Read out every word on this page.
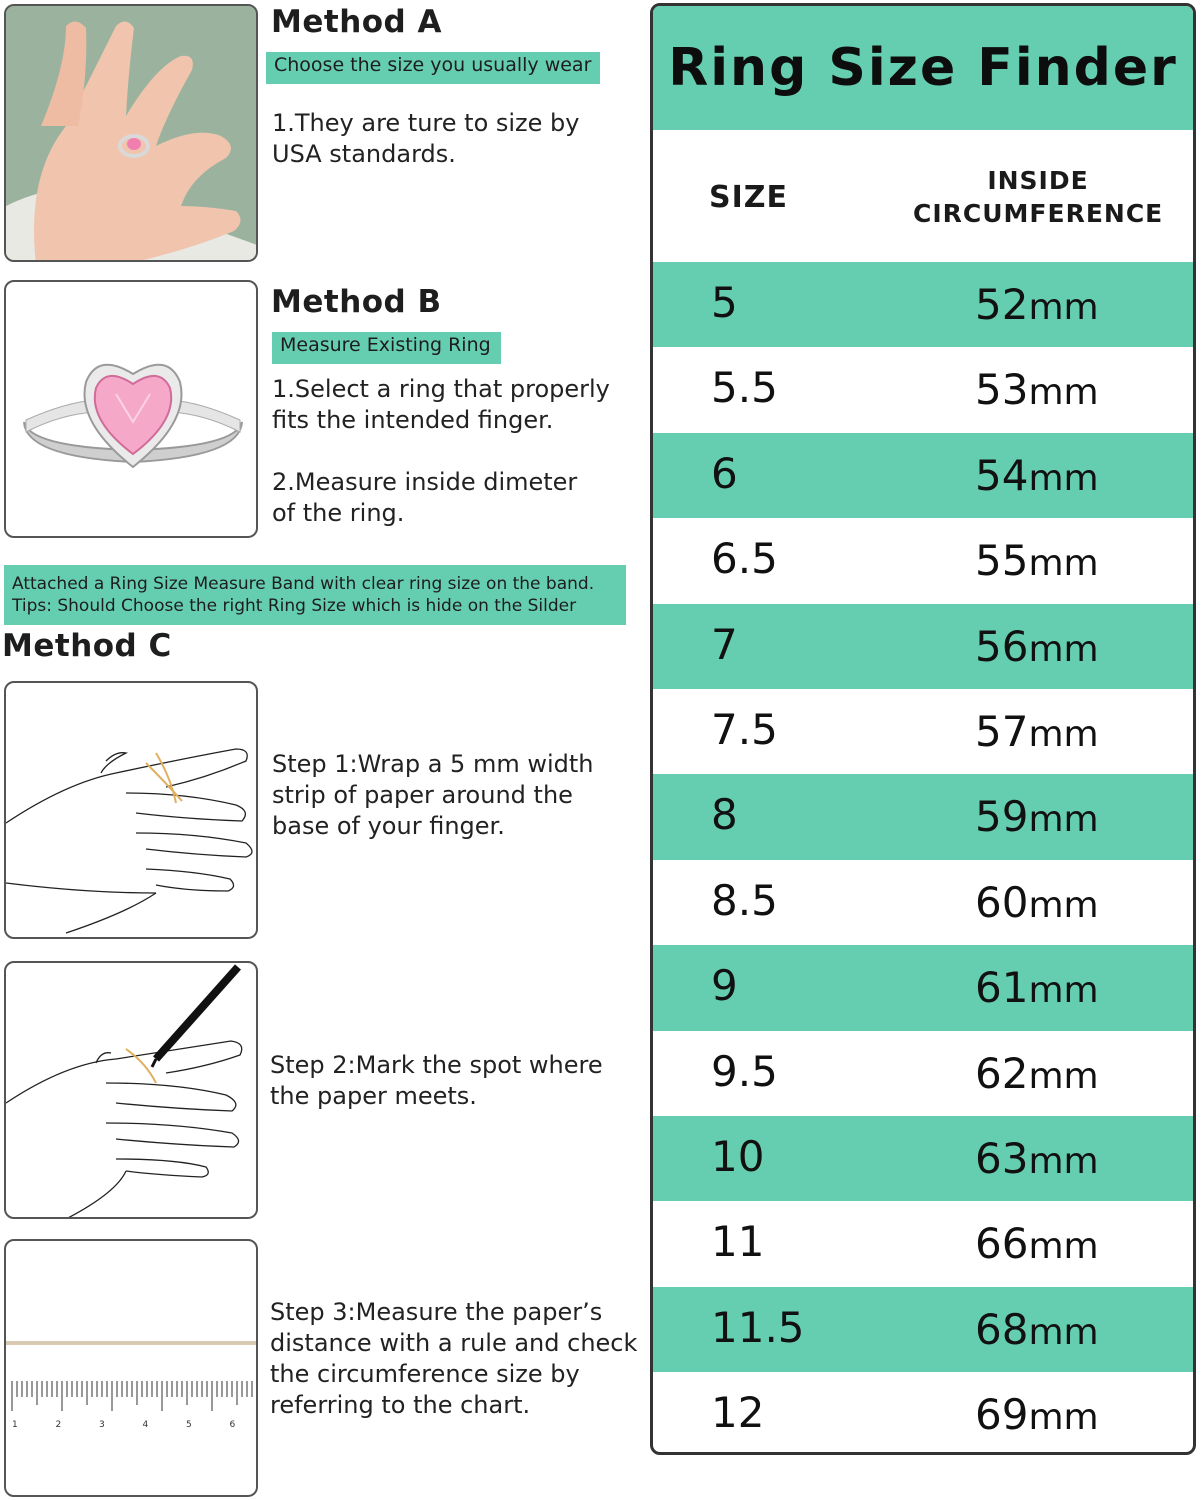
Method A
Choose the size you usually wear
1.They are ture to size by
USA standards.
Method B
Measure Existing Ring
1.Select a ring that properly
fits the intended finger.
2.Measure inside dimeter
of the ring.
Attached a Ring Size Measure Band with clear ring size on the band.
Tips: Should Choose the right Ring Size which is hide on the Silder
Method C
Step 1:Wrap a 5 mm width
strip of paper around the
base of your finger.
Step 2:Mark the spot where
the paper meets.
1	2	3	4	5	6
Step 3:Measure the paper’s
distance with a rule and check
the circumference size by
referring to the chart.
Ring Size Finder
SIZE	INSIDE
CIRCUMFERENCE
5	52mm
5.5	53mm
6	54mm
6.5	55mm
7	56mm
7.5	57mm
8	59mm
8.5	60mm
9	61mm
9.5	62mm
10	63mm
11	66mm
11.5	68mm
12	69mm
